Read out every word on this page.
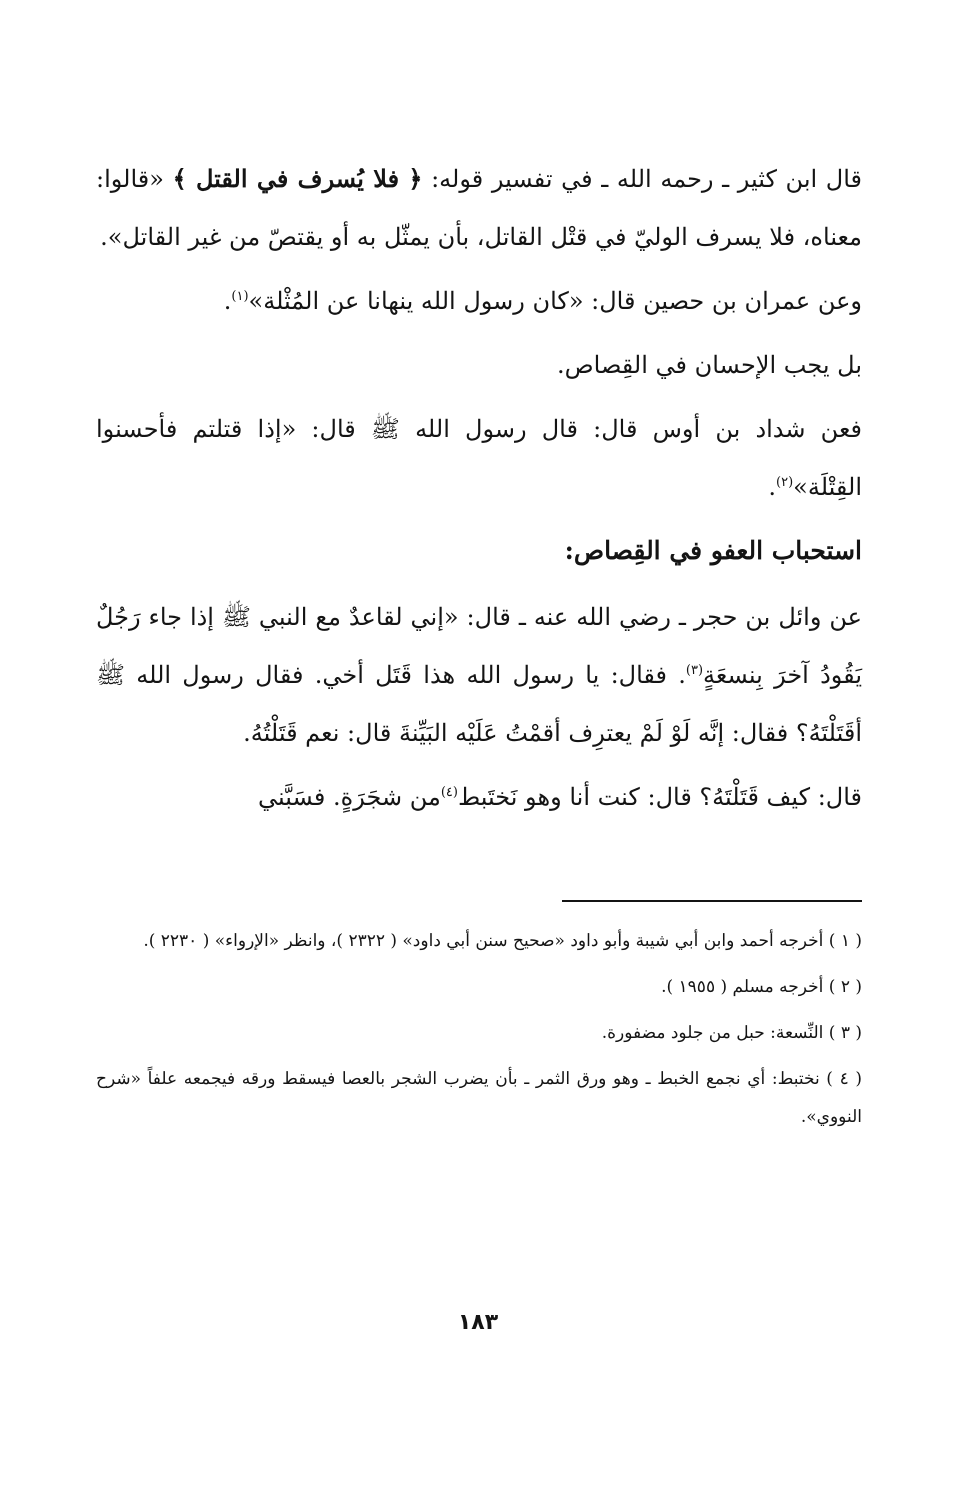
قال ابن كثير ـ رحمه الله ـ في تفسير قوله: ﴿ فلا يُسرف في القتل ﴾ «قالوا: معناه، فلا يسرف الوليّ في قتْل القاتل، بأن يمثّل به أو يقتصّ من غير القاتل».

وعن عمران بن حصين قال: «كان رسول الله ينهانا عن المُثْلة»$^{(١)}$.

بل يجب الإحسان في القِصاص.

فعن شداد بن أوس قال: قال رسول الله ﷺ قال: «إذا قتلتم فأحسنوا القِتْلَة»$^{(٢)}$.

استحباب العفو في القِصاص:

عن وائل بن حجر ـ رضي الله عنه ـ قال: «إني لقاعدٌ مع النبي ﷺ إذا جاء رَجُلٌ يَقُودُ آخرَ بِنسعَةٍ$^{(٣)}$. فقال: يا رسول الله هذا قَتَل أخي. فقال رسول الله ﷺ أقَتَلْتَهُ؟ فقال: إنَّه لَوْ لَمْ يعترِف أقمْتُ عَلَيْه البَيِّنةَ قال: نعم قَتَلْتُهُ.

قال: كيف قَتَلْتَهُ؟ قال: كنت أنا وهو نَختَبط$^{(٤)}$من شجَرَةٍ. فسَبَّني

( ١ ) أخرجه أحمد وابن أبي شيبة وأبو داود «صحيح سنن أبي داود» ( ٢٣٢٢ )، وانظر «الإرواء» ( ٢٢٣٠ ).

( ٢ ) أخرجه مسلم ( ١٩٥٥ ).

( ٣ ) النِّسعة: حبل من جلود مضفورة.

( ٤ ) نختبط: أي نجمع الخبط ـ وهو ورق الثمر ـ بأن يضرب الشجر بالعصا فيسقط ورقه فيجمعه علفاً «شرح النووي».

١٨٣
